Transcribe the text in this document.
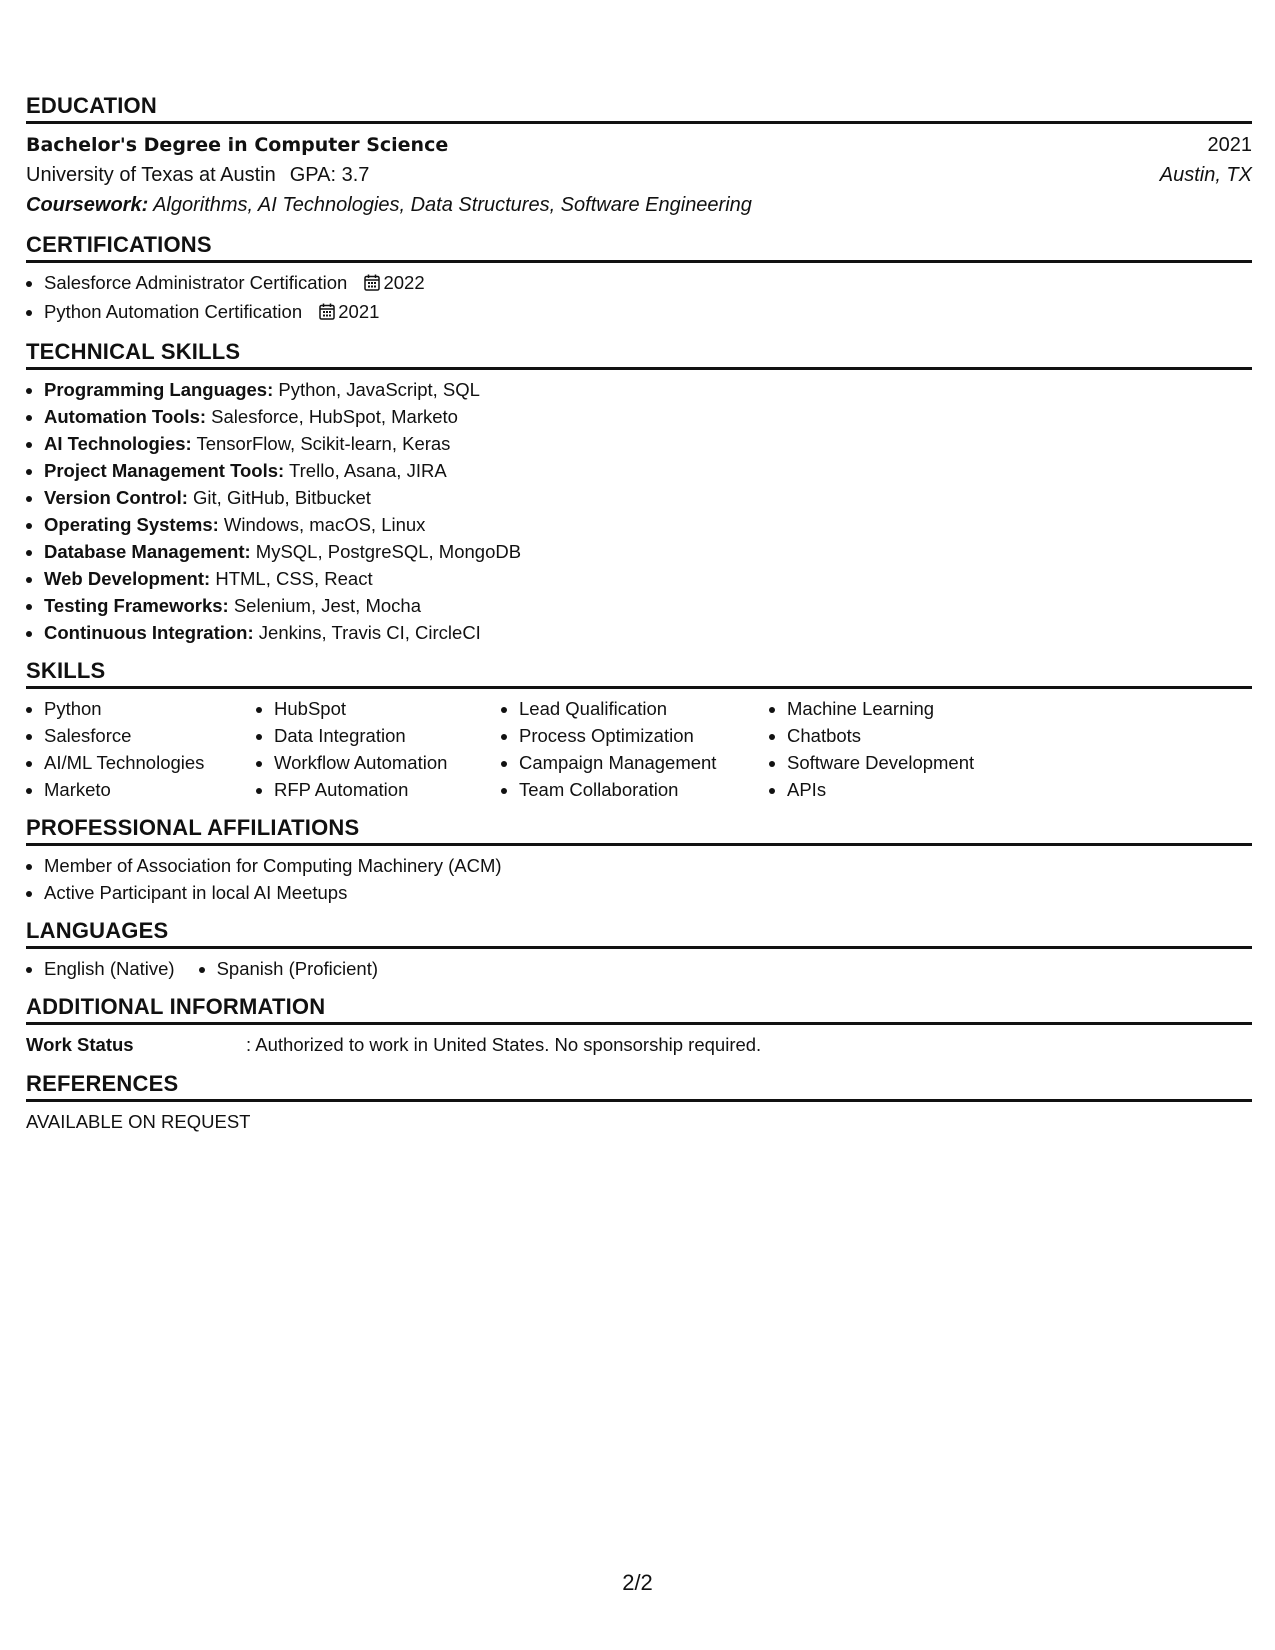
EDUCATION
Bachelor's Degree in Computer Science	2021
University of Texas at Austin GPA: 3.7	Austin, TX
Coursework: Algorithms, AI Technologies, Data Structures, Software Engineering
CERTIFICATIONS
• Salesforce Administrator Certification 2022
• Python Automation Certification 2021
TECHNICAL SKILLS
• Programming Languages: Python, JavaScript, SQL
• Automation Tools: Salesforce, HubSpot, Marketo
• AI Technologies: TensorFlow, Scikit-learn, Keras
• Project Management Tools: Trello, Asana, JIRA
• Version Control: Git, GitHub, Bitbucket
• Operating Systems: Windows, macOS, Linux
• Database Management: MySQL, PostgreSQL, MongoDB
• Web Development: HTML, CSS, React
• Testing Frameworks: Selenium, Jest, Mocha
• Continuous Integration: Jenkins, Travis CI, CircleCI
SKILLS
• Python
• Salesforce
• AI/ML Technologies
• Marketo
• HubSpot
• Data Integration
• Workflow Automation
• RFP Automation
• Lead Qualification
• Process Optimization
• Campaign Management
• Team Collaboration
• Machine Learning
• Chatbots
• Software Development
• APIs
PROFESSIONAL AFFILIATIONS
• Member of Association for Computing Machinery (ACM)
• Active Participant in local AI Meetups
LANGUAGES
• English (Native)
• Spanish (Proficient)
ADDITIONAL INFORMATION
Work Status	: Authorized to work in United States. No sponsorship required.
REFERENCES
AVAILABLE ON REQUEST
2/2
